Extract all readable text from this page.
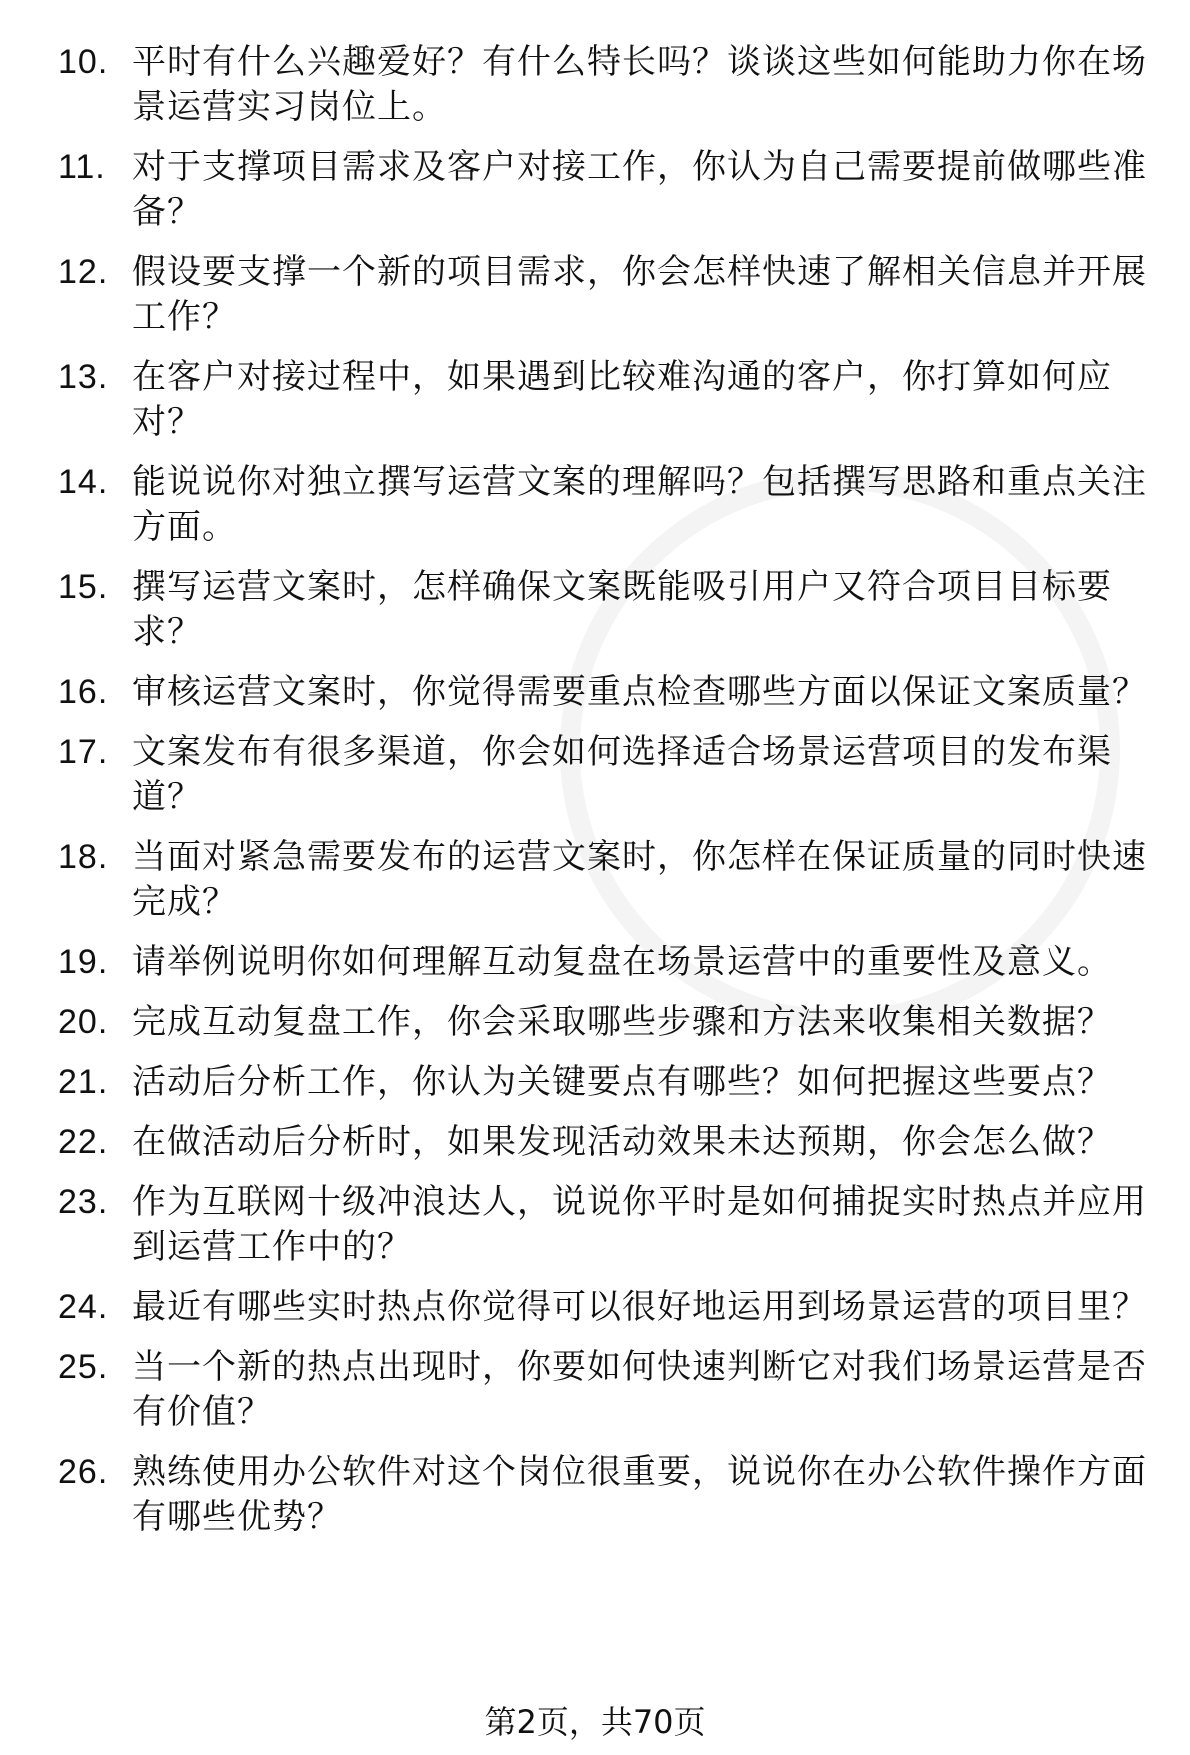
10. 平时有什么兴趣爱好？有什么特长吗？谈谈这些如何能助力你在场景运营实习岗位上。
11. 对于支撑项目需求及客户对接工作，你认为自己需要提前做哪些准备？
12. 假设要支撑一个新的项目需求，你会怎样快速了解相关信息并开展工作？
13. 在客户对接过程中，如果遇到比较难沟通的客户，你打算如何应对？
14. 能说说你对独立撰写运营文案的理解吗？包括撰写思路和重点关注方面。
15. 撰写运营文案时，怎样确保文案既能吸引用户又符合项目目标要求？
16. 审核运营文案时，你觉得需要重点检查哪些方面以保证文案质量？
17. 文案发布有很多渠道，你会如何选择适合场景运营项目的发布渠道？
18. 当面对紧急需要发布的运营文案时，你怎样在保证质量的同时快速完成？
19. 请举例说明你如何理解互动复盘在场景运营中的重要性及意义。
20. 完成互动复盘工作，你会采取哪些步骤和方法来收集相关数据？
21. 活动后分析工作，你认为关键要点有哪些？如何把握这些要点？
22. 在做活动后分析时，如果发现活动效果未达预期，你会怎么做？
23. 作为互联网十级冲浪达人，说说你平时是如何捕捉实时热点并应用到运营工作中的？
24. 最近有哪些实时热点你觉得可以很好地运用到场景运营的项目里？
25. 当一个新的热点出现时，你要如何快速判断它对我们场景运营是否有价值？
26. 熟练使用办公软件对这个岗位很重要，说说你在办公软件操作方面有哪些优势？
第2页，共70页
